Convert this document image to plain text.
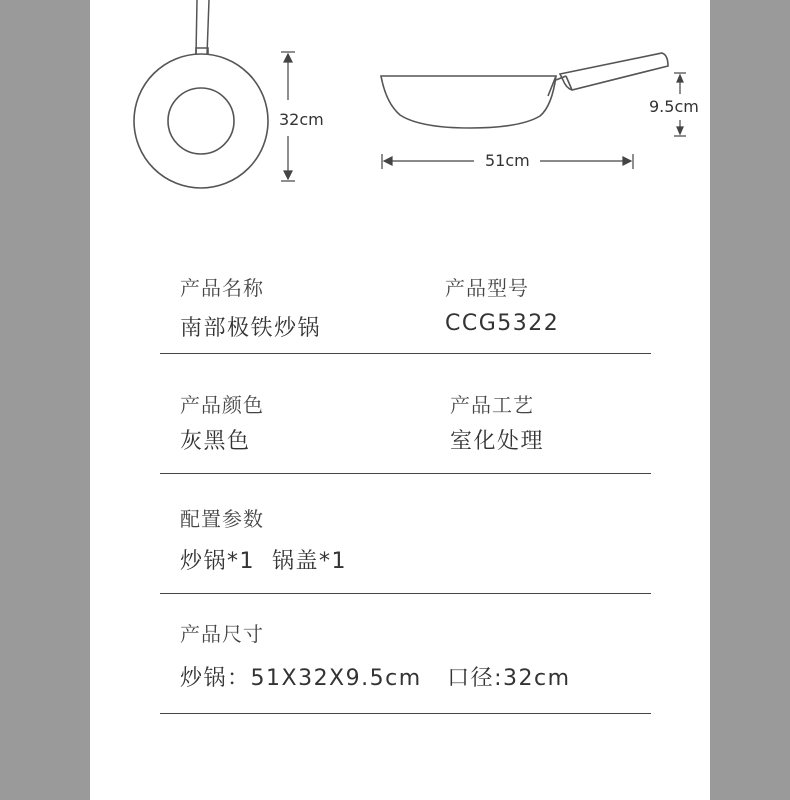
32cm
9.5cm
51cm
产品名称
南部极铁炒锅
产品型号
CCG5322
产品颜色
灰黑色
产品工艺
室化处理
配置参数
炒锅*1  锅盖*1
产品尺寸
炒锅：51X32X9.5cm   口径:32cm
